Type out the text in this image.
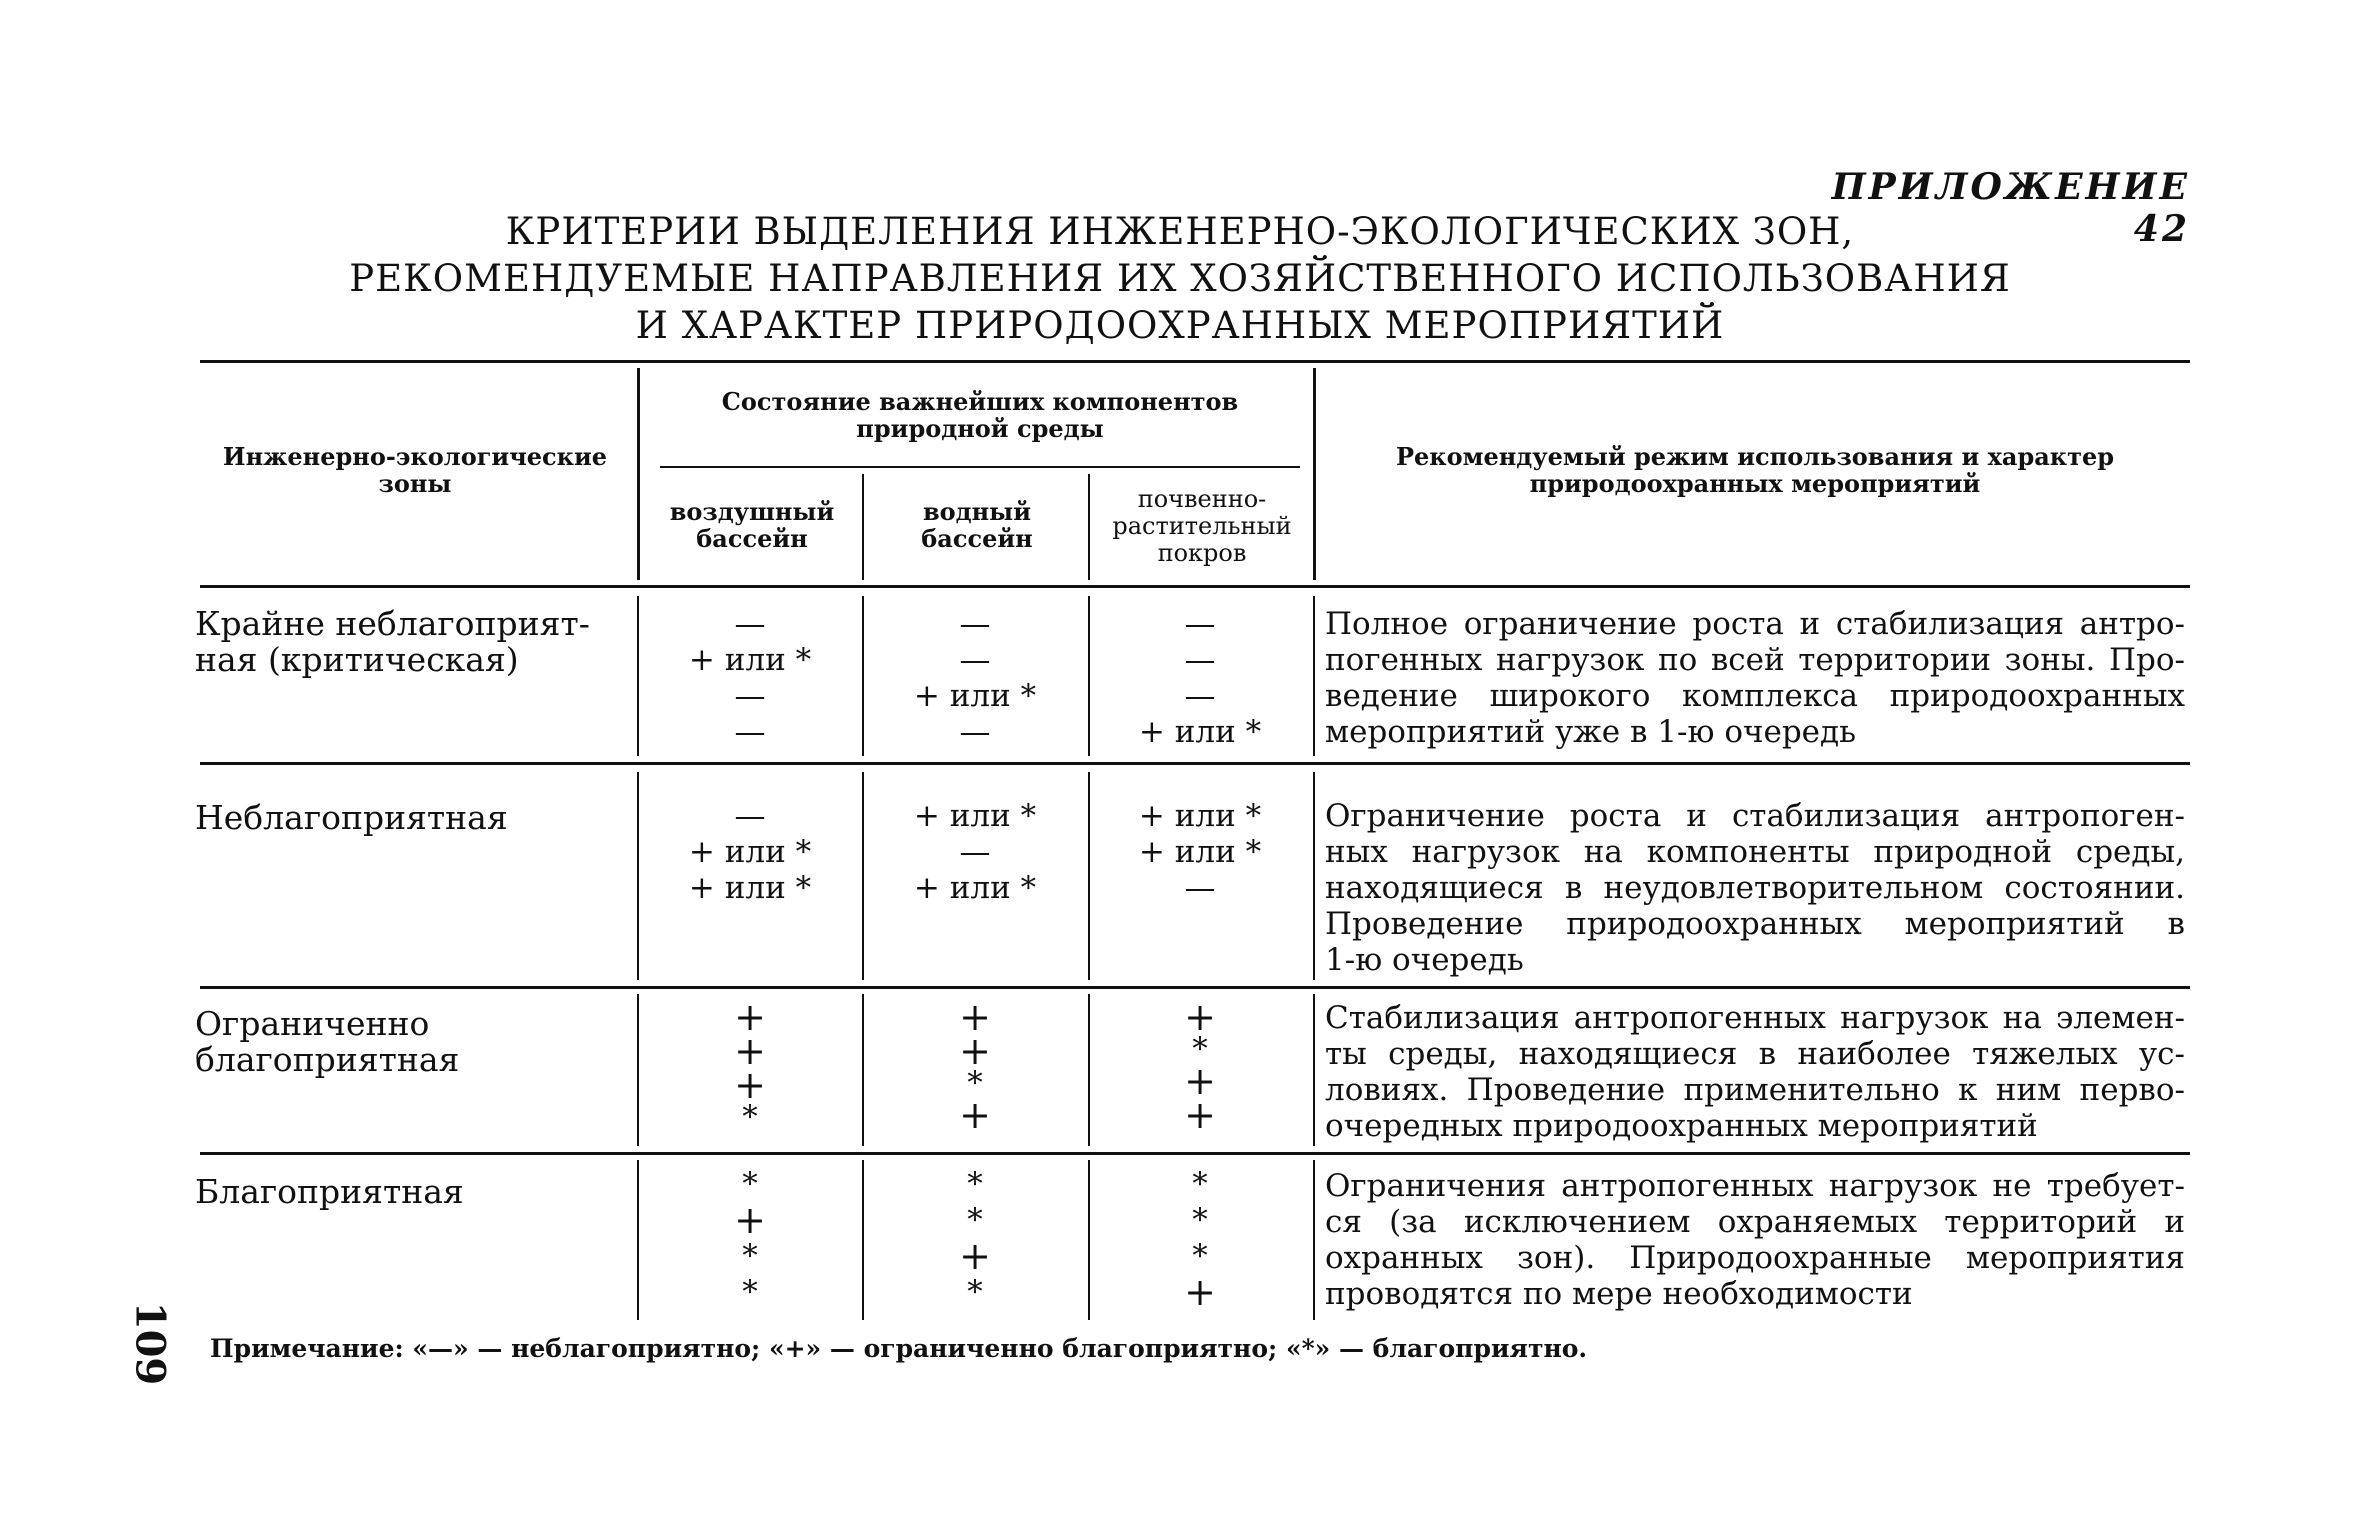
ПРИЛОЖЕНИЕ 42
КРИТЕРИИ ВЫДЕЛЕНИЯ ИНЖЕНЕРНО-ЭКОЛОГИЧЕСКИХ ЗОН,
РЕКОМЕНДУЕМЫЕ НАПРАВЛЕНИЯ ИХ ХОЗЯЙСТВЕННОГО ИСПОЛЬЗОВАНИЯ
И ХАРАКТЕР ПРИРОДООХРАННЫХ МЕРОПРИЯТИЙ
Инженерно-экологические
зоны
Состояние важнейших компонентов
природной среды
воздушный
бассейн
водный
бассейн
почвенно-
растительный
покров
Рекомендуемый режим использования и характер
природоохранных мероприятий
Крайне неблагоприят-
ная (критическая)
—
+ или *
—
—
—
—
+ или *
—
—
—
—
+ или *
Полное ограничение роста и стабилизация антро-
погенных нагрузок по всей территории зоны. Про-
ведение широкого комплекса природоохранных
мероприятий уже в 1-ю очередь
Неблагоприятная	—
+ или *
+ или *
+ или *
—
+ или *
+ или *
+ или *
—
Ограничение роста и стабилизация антропоген-
ных нагрузок на компоненты природной среды,
находящиеся в неудовлетворительном состоянии.
Проведение природоохранных мероприятий в
1-ю очередь
Ограниченно
благоприятная
+
+
+
*
+
+
*
+
+
*
+
+
Стабилизация антропогенных нагрузок на элемен-
ты среды, находящиеся в наиболее тяжелых ус-
ловиях. Проведение применительно к ним перво-
очередных природоохранных мероприятий
Благоприятная	*
+
*
*
*
*
+
*
*
*
*
+
Ограничения антропогенных нагрузок не требует-
ся (за исключением охраняемых территорий и
охранных зон). Природоохранные мероприятия
проводятся по мере необходимости
109 Примечание: «—» — неблагоприятно; «+» — ограниченно благоприятно; «*» — благоприятно.
